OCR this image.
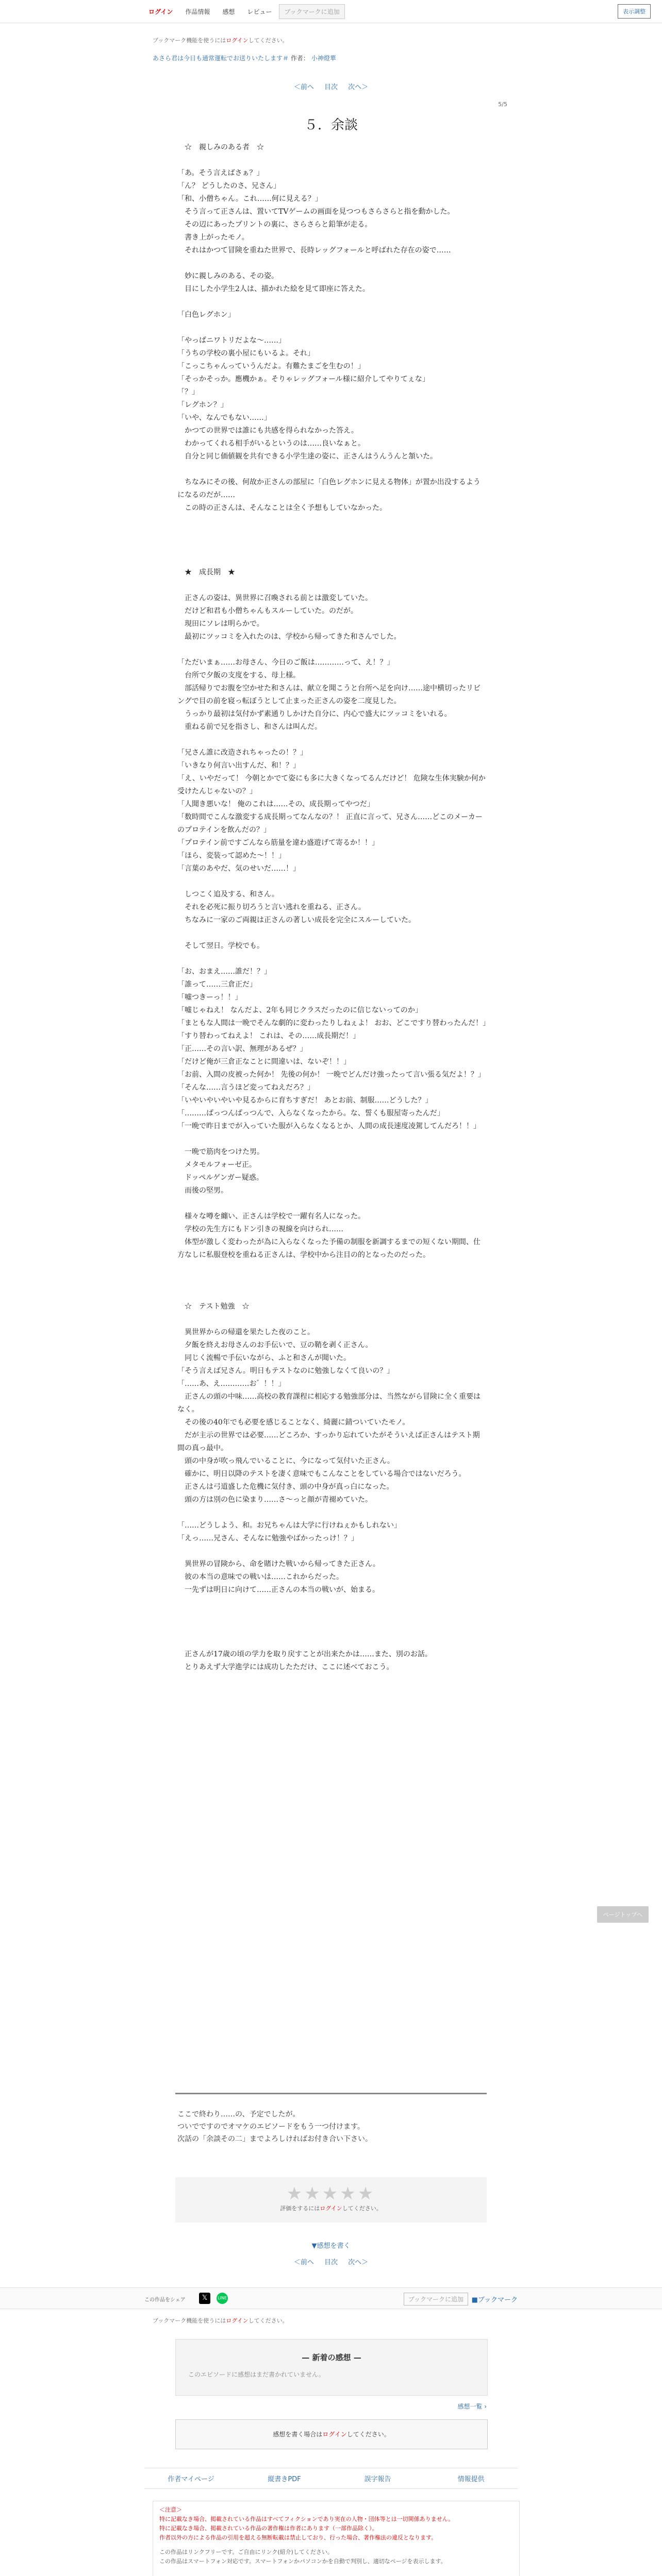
ログイン	作品情報	感想	レビュー	ブックマークに追加	表示調整
ブックマーク機能を使うにはログインしてください。
あさら君は今日も通常運転でお送りいたします＃ 作者： 小神燈華
＜前へ 目次 次へ＞
5/5
５．余談

　☆　親しみのある者　☆

「あ。そう言えばさぁ？」

「ん？ どうしたのさ、兄さん」

「和、小僧ちゃん。これ……何に見える？」

　そう言って正さんは、置いてTVゲームの画面を見つつもさらさらと指を動かした。

　その辺にあったプリントの裏に、さらさらと鉛筆が走る。

　書き上がったモノ。

　それはかつて冒険を重ねた世界で、長時レッグフォールと呼ばれた存在の姿で……

　妙に親しみのある、その姿。

　目にした小学生2人は、描かれた絵を見て即座に答えた。

「白色レグホン」

「やっぱニワトリだよな〜……」

「うちの学校の裏小屋にもいるよ。それ」

「こっこちゃんっていうんだよ。有難たまごを生むの！」

「そっかそっか。應機かぁ。そりゃレッグフォール様に紹介してやりてぇな」

「？」

「レグホン？」

「いや、なんでもない……」

　かつての世界では誰にも共感を得られなかった答え。

　わかってくれる相手がいるというのは……良いなぁと。

　自分と同じ価値観を共有できる小学生達の姿に、正さんはうんうんと頷いた。

　ちなみにその後、何故か正さんの部屋に「白色レグホンに見える物体」が置か出没するようになるのだが……

　この時の正さんは、そんなことは全く予想もしていなかった。

　★　成長期　★

　正さんの姿は、異世界に召喚される前とは激変していた。

　だけど和君も小僧ちゃんもスルーしていた。のだが。

　現田にソレは明らかで。

　最初にツッコミを入れたのは、学校から帰ってきた和さんでした。

「ただいまぁ……お母さん、今日のご飯は…………って、え！？」

　台所で夕飯の支度をする、母上様。

　部活帰りでお腹を空かせた和さんは、献立を聞こうと台所へ足を向け……途中横切ったリビングで目の前を寝っ転ぼうとして止まった正さんの姿を二度見した。

　うっかり最初は気付かず素通りしかけた自分に、内心で盛大にツッコミをいれる。

　重ねる前で兄を指さし、和さんは叫んだ。

「兄さん誰に改造されちゃったの！？」

「いきなり何言い出すんだ、和！？」

「え、いやだって！ 今朝とかでて姿にも多に大きくなってるんだけど！ 危険な生体実験か何か受けたんじゃないの？」

「人聞き悪いな！ 俺のこれは……その、成長期ってやつだ」

「数時間でこんな激変する成長期ってなんなの？！ 正直に言って、兄さん……どこのメーカーのプロテインを飲んだの？」

「プロテイン前ですごんなら筋量を違わ盛遊げて寄るか！！」

「ほら、変装って認めた〜！！」

「言葉のあやだ、気のせいだ……！」

　しつこく追及する、和さん。

　それを必死に振り切ろうと言い逃れを重ねる、正さん。

　ちなみに一家のご両親は正さんの著しい成長を完全にスルーしていた。

　そして翌日。学校でも。

「お、おまえ……誰だ！？」

「誰って……三倉正だ」

「嘘つきーっ！！」

「嘘じゃねえ！ なんだよ、2年も同じクラスだったのに信じないってのか」

「まともな人間は一晩でそんな劇的に変わったりしねぇよ！ おお、どこですり替わったんだ！」

「すり替わってねえよ！ これは、その……成長期だ！」

「正……その言い訳、無理があるぜ？」

「だけど俺が三倉正なことに間違いは、ないぞ！！」

「お前、入間の皮被った何か！ 先後の何か！ 一晩でどんだけ強ったって言い張る気だよ！？」

「そんな……言うほど変ってねえだろ？」

「いやいやいやいや見るからに育ちすぎだ！ あとお前、制服……どうした？」

「………ぱっつんぱっつんで、入らなくなったから。な、誓くも服屋寄ったんだ」

「一晩で昨日までが入っていた服が入らなくなるとか、人間の成長速度凌駕してんだろ！！」

　一晩で筋肉をつけた男。

　メタモルフォーゼ正。

　ドッペルゲンガー疑惑。

　而後の堅男。

　様々な噂を纏い、正さんは学校で一躍有名人になった。

　学校の先生方にもドン引きの視線を向けられ……

　体型が激しく変わったが為に入らなくなった予備の制服を新調するまでの短くない期間、仕方なしに私服登校を重ねる正さんは、学校中から注目の的となったのだった。

　☆　テスト勉強　☆

　異世界からの帰還を果たした夜のこと。

　夕飯を終えお母さんのお手伝いで、豆の鞘を剥く正さん。

　同じく流暢で手伝いながら、ふと和さんが聞いた。

「そう言えば兄さん。明日もテストなのに勉強しなくて良いの？」

「……あ、え…………お゛！！」

　正さんの頭の中味……高校の教育課程に相応する勉強部分は、当然ながら冒険に全く重要はなく。

　その後の40年でも必要を感じることなく、綺麗に錆ついていたモノ。

　だが主示の世界では必要……どころか、すっかり忘れていたがそういえば正さんはテスト期間の真っ最中。

　頭の中身が吹っ飛んでいることに、今になって気付いた正さん。

　確かに、明日以降のテストを凄く意味でもこんなことをしている場合ではないだろう。

　正さんは弓道盛した危機に気付き、頭の中身が真っ白になった。

　頭の方は別の色に染まり……さ〜っと顔が青褪めていた。

「……どうしよう、和。お兄ちゃんは大学に行けねぇかもしれない」

「えっ……兄さん、そんなに勉強やばかったっけ！？」

　異世界の冒険から、命を賭けた戦いから帰ってきた正さん。

　彼の本当の意味での戦いは……これからだった。

　一先ずは明日に向けて……正さんの本当の戦いが、始まる。

　正さんが17歳の頃の学力を取り戻すことが出来たかは……また、別のお話。

　とりあえず大学進学には成功したただけ、ここに述べておこう。

ここで終わり……の、予定でしたが。

ついでですのでオマケのエピソードをもう一つ付けます。

次話の「余談その二」までよろしければお付き合い下さい。

★★★★★
評価をするにはログインしてください。
▼感想を書く
＜前へ 目次 次へ＞
この作品をシェア	𝕏	LINE	ブックマークに追加	■ブックマーク
ブックマーク機能を使うにはログインしてください。
— 新着の感想 —
このエピソードに感想はまだ書かれていません。
感想一覧 ›
感想を書く場合はログインしてください。
作者マイページ	縦書きPDF	誤字報告	情報提供

＜注意＞

特に記載なき場合、掲載されている作品はすべてフィクションであり実在の人物・団体等とは一切関係ありません。

特に記載なき場合、掲載されている作品の著作権は作者にあります（一部作品除く）。

作者以外の方による作品の引用を超える無断転載は禁止しており、行った場合、著作権法の違反となります。

この作品はリンクフリーです。ご自由にリンク(紹介)してください。

この作品はスマートフォン対応です。スマートフォンかパソコンかを自動で判別し、適切なページを表示します。

ページトップへ
